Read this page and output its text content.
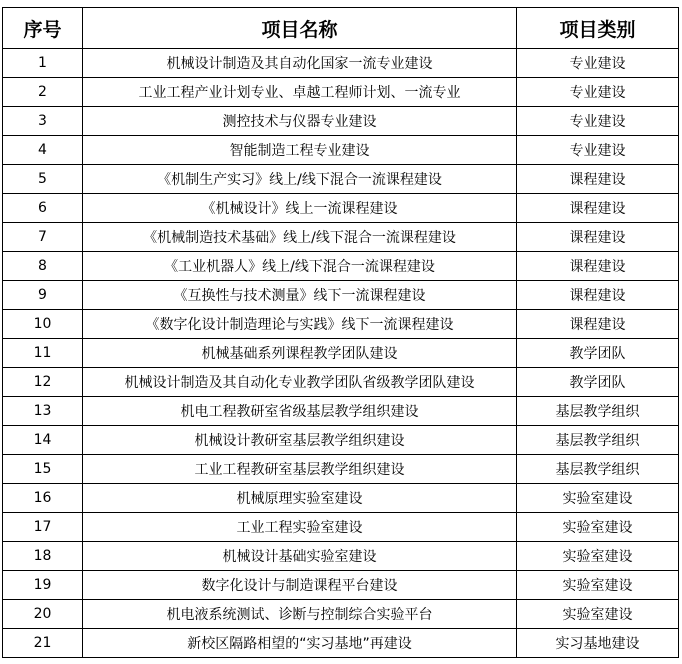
序号	项目名称	项目类别
1	机械设计制造及其自动化国家一流专业建设	专业建设
2	工业工程产业计划专业、卓越工程师计划、一流专业	专业建设
3	测控技术与仪器专业建设	专业建设
4	智能制造工程专业建设	专业建设
5	《机制生产实习》线上/线下混合一流课程建设	课程建设
6	《机械设计》线上一流课程建设	课程建设
7	《机械制造技术基础》线上/线下混合一流课程建设	课程建设
8	《工业机器人》线上/线下混合一流课程建设	课程建设
9	《互换性与技术测量》线下一流课程建设	课程建设
10	《数字化设计制造理论与实践》线下一流课程建设	课程建设
11	机械基础系列课程教学团队建设	教学团队
12	机械设计制造及其自动化专业教学团队省级教学团队建设	教学团队
13	机电工程教研室省级基层教学组织建设	基层教学组织
14	机械设计教研室基层教学组织建设	基层教学组织
15	工业工程教研室基层教学组织建设	基层教学组织
16	机械原理实验室建设	实验室建设
17	工业工程实验室建设	实验室建设
18	机械设计基础实验室建设	实验室建设
19	数字化设计与制造课程平台建设	实验室建设
20	机电液系统测试、诊断与控制综合实验平台	实验室建设
21	新校区隔路相望的“实习基地”再建设	实习基地建设
